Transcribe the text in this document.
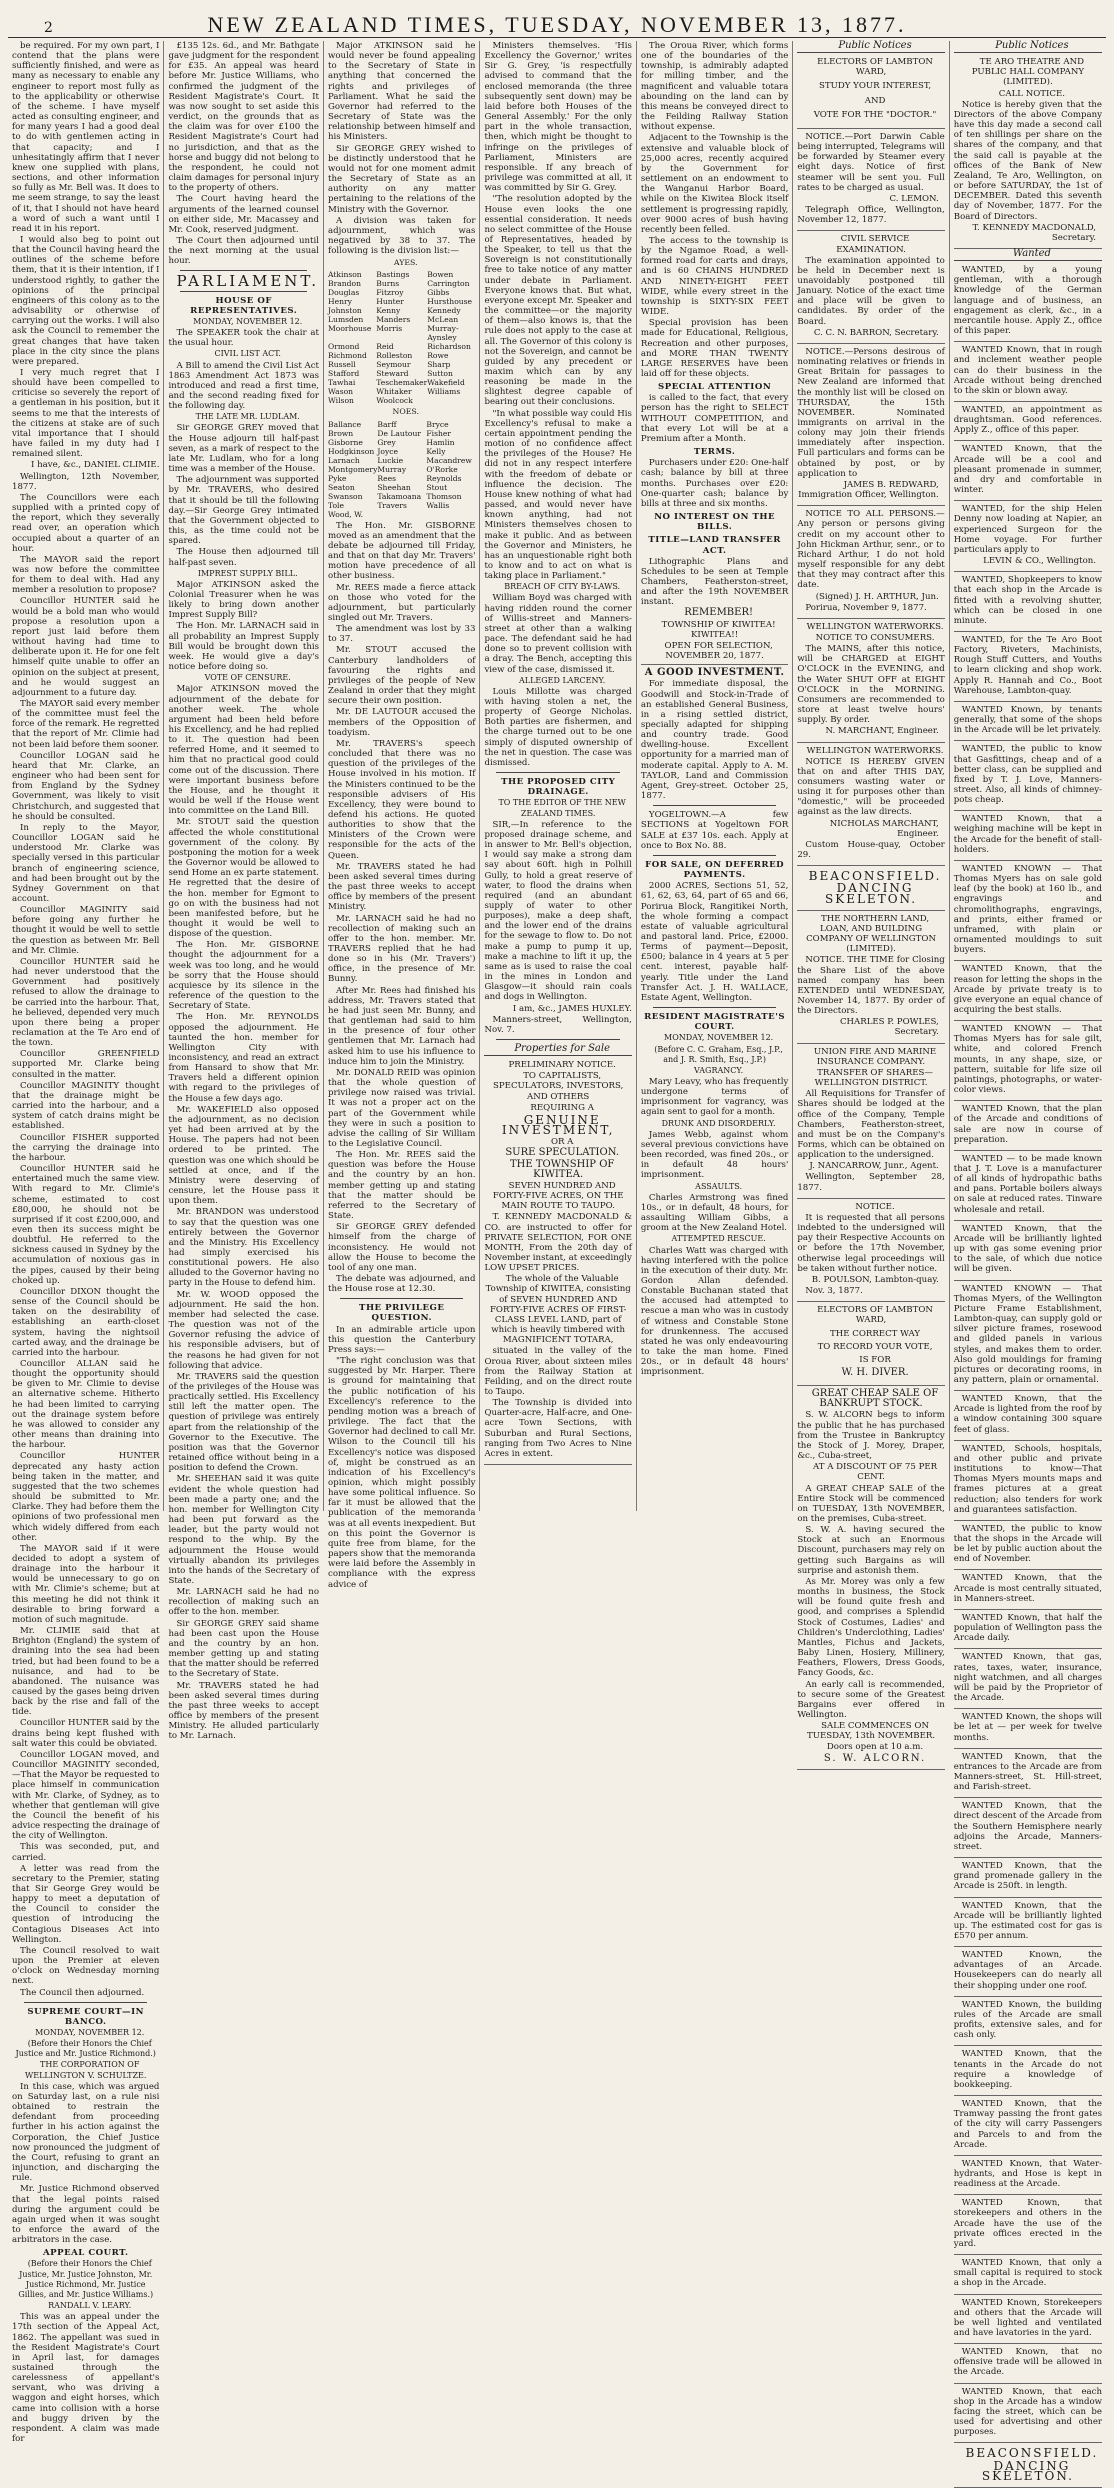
2	NEW ZEALAND TIMES, TUESDAY, NOVEMBER 13, 1877.

be required. For my own part, I contend that the plans were sufficiently finished, and were as many as necessary to enable any engineer to report most fully as to the applicability or otherwise of the scheme. I have myself acted as consulting engineer, and for many years I had a good deal to do with gentlemen acting in that capacity; and I unhesitatingly affirm that I never knew one supplied with plans, sections, and other information so fully as Mr. Bell was. It does to me seem strange, to say the least of it, that I should not have heard a word of such a want until I read it in his report.

I would also beg to point out that the Council having heard the outlines of the scheme before them, that it is their intention, if I understood rightly, to gather the opinions of the principal engineers of this colony as to the advisability or otherwise of carrying out the works. I will also ask the Council to remember the great changes that have taken place in the city since the plans were prepared.

I very much regret that I should have been compelled to criticise so severely the report of a gentleman in his position, but it seems to me that the interests of the citizens at stake are of such vital importance that I should have failed in my duty had I remained silent.

I have, &c., DANIEL CLIMIE.

Wellington, 12th November, 1877.

The Councillors were each supplied with a printed copy of the report, which they severally read over, an operation which occupied about a quarter of an hour.

The MAYOR said the report was now before the committee for them to deal with. Had any member a resolution to propose?

Councillor HUNTER said he would be a bold man who would propose a resolution upon a report just laid before them without having had time to deliberate upon it. He for one felt himself quite unable to offer an opinion on the subject at present, and he would suggest an adjournment to a future day.

The MAYOR said every member of the committee must feel the force of the remark. He regretted that the report of Mr. Climie had not been laid before them sooner.

Councillor LOGAN said he heard that Mr. Clarke, an engineer who had been sent for from England by the Sydney Government, was likely to visit Christchurch, and suggested that he should be consulted.

In reply to the Mayor, Councillor LOGAN said he understood Mr. Clarke was specially versed in this particular branch of engineering science, and had been brought out by the Sydney Government on that account.

Councillor MAGINITY said before going any further he thought it would be well to settle the question as between Mr. Bell and Mr. Climie.

Councillor HUNTER said he had never understood that the Government had positively refused to allow the drainage to be carried into the harbour. That, he believed, depended very much upon there being a proper reclamation at the Te Aro end of the town.

Councillor GREENFIELD supported Mr. Clarke being consulted in the matter.

Councillor MAGINITY thought that the drainage might be carried into the harbour, and a system of catch drains might be established.

Councillor FISHER supported the carrying the drainage into the harbour.

Councillor HUNTER said he entertained much the same view. With regard to Mr. Climie's scheme, estimated to cost £80,000, he should not be surprised if it cost £200,000, and even then its success might be doubtful. He referred to the sickness caused in Sydney by the accumulation of noxious gas in the pipes, caused by their being choked up.

Councillor DIXON thought the sense of the Council should be taken on the desirability of establishing an earth-closet system, having the nightsoil carted away, and the drainage be carried into the harbour.

Councillor ALLAN said he thought the opportunity should be given to Mr. Climie to devise an alternative scheme. Hitherto he had been limited to carrying out the drainage system before he was allowed to consider any other means than draining into the harbour.

Councillor HUNTER deprecated any hasty action being taken in the matter, and suggested that the two schemes should be submitted to Mr. Clarke. They had before them the opinions of two professional men which widely differed from each other.

The MAYOR said if it were decided to adopt a system of drainage into the harbour it would be unnecessary to go on with Mr. Climie's scheme; but at this meeting he did not think it desirable to bring forward a motion of such magnitude.

Mr. CLIMIE said that at Brighton (England) the system of draining into the sea had been tried, but had been found to be a nuisance, and had to be abandoned. The nuisance was caused by the gases being driven back by the rise and fall of the tide.

Councillor HUNTER said by the drains being kept flushed with salt water this could be obviated.

Councillor LOGAN moved, and Councillor MAGINITY seconded,—That the Mayor be requested to place himself in communication with Mr. Clarke, of Sydney, as to whether that gentleman will give the Council the benefit of his advice respecting the drainage of the city of Wellington.

This was seconded, put, and carried.

A letter was read from the secretary to the Premier, stating that Sir George Grey would be happy to meet a deputation of the Council to consider the question of introducing the Contagious Diseases Act into Wellington.

The Council resolved to wait upon the Premier at eleven o'clock on Wednesday morning next.

The Council then adjourned.

SUPREME COURT—IN BANCO.

MONDAY, NOVEMBER 12.

(Before their Honors the Chief Justice and Mr. Justice Richmond.)

THE CORPORATION OF WELLINGTON V. SCHULTZE.

In this case, which was argued on Saturday last, on a rule nisi obtained to restrain the defendant from proceeding further in his action against the Corporation, the Chief Justice now pronounced the judgment of the Court, refusing to grant an injunction, and discharging the rule.

Mr. Justice Richmond observed that the legal points raised during the argument could be again urged when it was sought to enforce the award of the arbitrators in the case.

APPEAL COURT.

(Before their Honors the Chief Justice, Mr. Justice Johnston, Mr. Justice Richmond, Mr. Justice Gillies, and Mr. Justice Williams.)

RANDALL V. LEARY.

This was an appeal under the 17th section of the Appeal Act, 1862. The appellant was sued in the Resident Magistrate's Court in April last, for damages sustained through the carelessness of appellant's servant, who was driving a waggon and eight horses, which came into collision with a horse and buggy driven by the respondent. A claim was made for

£135 12s. 6d., and Mr. Bathgate gave judgment for the respondent for £35. An appeal was heard before Mr. Justice Williams, who confirmed the judgment of the Resident Magistrate's Court. It was now sought to set aside this verdict, on the grounds that as the claim was for over £100 the Resident Magistrate's Court had no jurisdiction, and that as the horse and buggy did not belong to the respondent, he could not claim damages for personal injury to the property of others.

The Court having heard the arguments of the learned counsel on either side, Mr. Macassey and Mr. Cook, reserved judgment.

The Court then adjourned until the next morning at the usual hour.

PARLIAMENT.

HOUSE OF REPRESENTATIVES.

MONDAY, NOVEMBER 12.

The SPEAKER took the chair at the usual hour.

CIVIL LIST ACT.

A Bill to amend the Civil List Act 1863 Amendment Act 1873 was introduced and read a first time, and the second reading fixed for the following day.

THE LATE MR. LUDLAM.

Sir GEORGE GREY moved that the House adjourn till half-past seven, as a mark of respect to the late Mr. Ludlam, who for a long time was a member of the House.

The adjournment was supported by Mr. TRAVERS, who desired that it should be till the following day.—Sir George Grey intimated that the Government objected to this, as the time could not be spared.

The House then adjourned till half-past seven.

IMPREST SUPPLY BILL.

Major ATKINSON asked the Colonial Treasurer when he was likely to bring down another Imprest Supply Bill?

The Hon. Mr. LARNACH said in all probability an Imprest Supply Bill would be brought down this week. He would give a day's notice before doing so.

VOTE OF CENSURE.

Major ATKINSON moved the adjournment of the debate for another week. The whole argument had been held before his Excellency, and he had replied to it. The question had been referred Home, and it seemed to him that no practical good could come out of the discussion. There were important business before the House, and he thought it would be well if the House went into committee on the Land Bill.

Mr. STOUT said the question affected the whole constitutional government of the colony. By postponing the motion for a week the Governor would be allowed to send Home an ex parte statement. He regretted that the desire of the hon. member for Egmont to go on with the business had not been manifested before, but he thought it would be well to dispose of the question.

The Hon. Mr. GISBORNE thought the adjournment for a week was too long, and he would be sorry that the House should acquiesce by its silence in the reference of the question to the Secretary of State.

The Hon. Mr. REYNOLDS opposed the adjournment. He taunted the hon. member for Wellington City with inconsistency, and read an extract from Hansard to show that Mr. Travers held a different opinion with regard to the privileges of the House a few days ago.

Mr. WAKEFIELD also opposed the adjournment, as no decision yet had been arrived at by the House. The papers had not been ordered to be printed. The question was one which should be settled at once, and if the Ministry were deserving of censure, let the House pass it upon them.

Mr. BRANDON was understood to say that the question was one entirely between the Governor and the Ministry. His Excellency had simply exercised his constitutional powers. He also alluded to the Governor having no party in the House to defend him.

Mr. W. WOOD opposed the adjournment. He said the hon. member had selected the case. The question was not of the Governor refusing the advice of his responsible advisers, but of the reasons he had given for not following that advice.

Mr. TRAVERS said the question of the privileges of the House was practically settled. His Excellency still left the matter open. The question of privilege was entirely apart from the relationship of the Governor to the Executive. The position was that the Governor retained office without being in a position to defend the Crown.

Mr. SHEEHAN said it was quite evident the whole question had been made a party one; and the hon. member for Wellington City had been put forward as the leader, but the party would not respond to the whip. By the adjournment the House would virtually abandon its privileges into the hands of the Secretary of State.

Mr. LARNACH said he had no recollection of making such an offer to the hon. member.

Sir GEORGE GREY said shame had been cast upon the House and the country by an hon. member getting up and stating that the matter should be referred to the Secretary of State.

Mr. TRAVERS stated he had been asked several times during the past three weeks to accept office by members of the present Ministry. He alluded particularly to Mr. Larnach.

Major ATKINSON said he would never be found appealing to the Secretary of State in anything that concerned the rights and privileges of Parliament. What he said the Governor had referred to the Secretary of State was the relationship between himself and his Ministers.

Sir GEORGE GREY wished to be distinctly understood that he would not for one moment admit the Secretary of State as an authority on any matter pertaining to the relations of the Ministry with the Governor.

A division was taken for adjournment, which was negatived by 38 to 37. The following is the division list:—

AYES.

Atkinson	Bastings	Bowen
Brandon	Burns	Carrington
Douglas	Fitzroy	Gibbs
Henry	Hunter	Hursthouse
Johnston	Kenny	Kennedy
Lumsden	Manders	McLean
Moorhouse Morris	Murray-Aynsley
Ormond	Reid	Richardson
Richmond	Rolleston	Rowe
Russell	Seymour	Sharp
Stafford	Steward	Sutton
Tawhai	Teschemaker Wakefield
Wason	Whitaker	Williams
Wilson	Woolcock

NOES.

Ballance	Barff	Bryce
Brown	De Lautour Fisher
Gisborne	Grey	Hamlin
Hodgkinson Joyce	Kelly
Larnach	Luckie	Macandrew
Montgomery Murray	O'Rorke
Pyke	Rees	Reynolds
Seaton	Sheehan	Stout
Swanson	Takamoana Thomson
Tole	Travers	Wallis
Wood, W.

The Hon. Mr. GISBORNE moved as an amendment that the debate be adjourned till Friday, and that on that day Mr. Travers' motion have precedence of all other business.

Mr. REES made a fierce attack on those who voted for the adjournment, but particularly singled out Mr. Travers.

The amendment was lost by 33 to 37.

Mr. STOUT accused the Canterbury landholders of favouring the rights and privileges of the people of New Zealand in order that they might secure their own position.

Mr. DE LAUTOUR accused the members of the Opposition of toadyism.

Mr. TRAVERS's speech concluded that there was no question of the privileges of the House involved in his motion. If the Ministers continued to be the responsible advisers of His Excellency, they were bound to defend his actions. He quoted authorities to show that the Ministers of the Crown were responsible for the acts of the Queen.

Mr. TRAVERS stated he had been asked several times during the past three weeks to accept office by members of the present Ministry.

Mr. LARNACH said he had no recollection of making such an offer to the hon. member. Mr. TRAVERS replied that he had done so in his (Mr. Travers') office, in the presence of Mr. Bunny.

After Mr. Rees had finished his address, Mr. Travers stated that he had just seen Mr. Bunny, and that gentleman had said to him in the presence of four other gentlemen that Mr. Larnach had asked him to use his influence to induce him to join the Ministry.

Mr. DONALD REID was opinion that the whole question of privilege now raised was trivial. It was not a proper act on the part of the Government while they were in such a position to advise the calling of Sir William to the Legislative Council.

The Hon. Mr. REES said the question was before the House and the country by an hon. member getting up and stating that the matter should be referred to the Secretary of State.

Sir GEORGE GREY defended himself from the charge of inconsistency. He would not allow the House to become the tool of any one man.

The debate was adjourned, and the House rose at 12.30.

THE PRIVILEGE QUESTION.

In an admirable article upon this question the Canterbury Press says:—

"The right conclusion was that suggested by Mr. Harper. There is ground for maintaining that the public notification of his Excellency's reference to the pending motion was a breach of privilege. The fact that the Governor had declined to call Mr. Wilson to the Council till his Excellency's notice was disposed of, might be construed as an indication of his Excellency's opinion, which might possibly have some political influence. So far it must be allowed that the publication of the memoranda was at all events inexpedient. But on this point the Governor is quite free from blame, for the papers show that the memoranda were laid before the Assembly in compliance with the express advice of

Ministers themselves. 'His Excellency the Governor,' writes Sir G. Grey, 'is respectfully advised to command that the enclosed memoranda (the three subsequently sent down) may be laid before both Houses of the General Assembly.' For the only part in the whole transaction, then, which might be thought to infringe on the privileges of Parliament, Ministers are responsible. If any breach of privilege was committed at all, it was committed by Sir G. Grey.

"The resolution adopted by the House even looks the one essential consideration. It needs no select committee of the House of Representatives, headed by the Speaker, to tell us that the Sovereign is not constitutionally free to take notice of any matter under debate in Parliament. Everyone knows that. But what, everyone except Mr. Speaker and the committee—or the majority of them—also knows is, that the rule does not apply to the case at all. The Governor of this colony is not the Sovereign, and cannot be guided by any precedent or maxim which can by any reasoning be made in the slightest degree capable of bearing out their conclusions.

"In what possible way could His Excellency's refusal to make a certain appointment pending the motion of no confidence affect the privileges of the House? He did not in any respect interfere with the freedom of debate or influence the decision. The House knew nothing of what had passed, and would never have known anything, had not Ministers themselves chosen to make it public. And as between the Governor and Ministers, he has an unquestionable right both to know and to act on what is taking place in Parliament."

BREACH OF CITY BY-LAWS.

William Boyd was charged with having ridden round the corner of Willis-street and Manners-street at other than a walking pace. The defendant said he had done so to prevent collision with a dray. The Bench, accepting this view of the case, dismissed it.

ALLEGED LARCENY.

Louis Millotte was charged with having stolen a net, the property of George Nicholas. Both parties are fishermen, and the charge turned out to be one simply of disputed ownership of the net in question. The case was dismissed.

THE PROPOSED CITY DRAINAGE.

TO THE EDITOR OF THE NEW ZEALAND TIMES.

SIR,—In reference to the proposed drainage scheme, and in answer to Mr. Bell's objection, I would say make a strong dam say about 60ft. high in Polhill Gully, to hold a great reserve of water, to flood the drains when required (and an abundant supply of water to other purposes), make a deep shaft, and the lower end of the drains for the sewage to flow to. Do not make a pump to pump it up, make a machine to lift it up, the same as is used to raise the coal in the mines in London and Glasgow—it should rain coals and dogs in Wellington.

I am, &c., JAMES HUXLEY.

Manners-street, Wellington, Nov. 7.

Properties for Sale

PRELIMINARY NOTICE.

TO CAPITALISTS, SPECULATORS, INVESTORS, AND OTHERS

REQUIRING A

GENUINE INVESTMENT,

OR A

SURE SPECULATION.

THE TOWNSHIP OF KIWITEA.

SEVEN HUNDRED AND FORTY-FIVE ACRES, ON THE MAIN ROUTE TO TAUPO.

T. KENNEDY MACDONALD & CO. are instructed to offer for PRIVATE SELECTION, FOR ONE MONTH, From the 20th day of November instant, at exceedingly LOW UPSET PRICES.

The whole of the Valuable Township of KIWITEA, consisting of SEVEN HUNDRED AND FORTY-FIVE ACRES OF FIRST-CLASS LEVEL LAND, part of which is heavily timbered with MAGNIFICENT TOTARA,

situated in the valley of the Oroua River, about sixteen miles from the Railway Station at Feilding, and on the direct route to Taupo.

The Township is divided into Quarter-acre, Half-acre, and One-acre Town Sections, with Suburban and Rural Sections, ranging from Two Acres to Nine Acres in extent.

The Oroua River, which forms one of the boundaries of the township, is admirably adapted for milling timber, and the magnificent and valuable totara abounding on the land can by this means be conveyed direct to the Feilding Railway Station without expense.

Adjacent to the Township is the extensive and valuable block of 25,000 acres, recently acquired by the Government for settlement on an endowment to the Wanganui Harbor Board, while on the Kiwitea Block itself settlement is progressing rapidly, over 9000 acres of bush having recently been felled.

The access to the township is by the Ngamoe Road, a well-formed road for carts and drays, and is 60 CHAINS HUNDRED AND NINETY-EIGHT FEET WIDE, while every street in the township is SIXTY-SIX FEET WIDE.

Special provision has been made for Educational, Religious, Recreation and other purposes, and MORE THAN TWENTY LARGE RESERVES have been laid off for these objects.

SPECIAL ATTENTION

is called to the fact, that every person has the right to SELECT WITHOUT COMPETITION, and that every Lot will be at a Premium after a Month.

TERMS.

Purchasers under £20: One-half cash; balance by bill at three months. Purchases over £20: One-quarter cash; balance by bills at three and six months.

NO INTEREST ON THE BILLS.

TITLE—LAND TRANSFER ACT.

Lithographic Plans and Schedules to be seen at Temple Chambers, Featherston-street, and after the 19th NOVEMBER instant.

REMEMBER!

TOWNSHIP OF KIWITEA! KIWITEA!!

OPEN FOR SELECTION, NOVEMBER 20, 1877.

A GOOD INVESTMENT.

For immediate disposal, the Goodwill and Stock-in-Trade of an established General Business, in a rising settled district, specially adapted for shipping and country trade. Good dwelling-house. Excellent opportunity for a married man of moderate capital. Apply to A. M. TAYLOR, Land and Commission Agent, Grey-street. October 25, 1877.

YOGELTOWN.—A few SECTIONS at Yogeltown FOR SALE at £37 10s. each. Apply at once to Box No. 88.

FOR SALE, ON DEFERRED PAYMENTS.

2000 ACRES, Sections 51, 52, 61, 62, 63, 64, part of 65 and 66, Porirua Block, Rangitikei North, the whole forming a compact estate of valuable agricultural and pastoral land. Price, £2000. Terms of payment—Deposit, £500; balance in 4 years at 5 per cent. interest, payable half-yearly. Title under the Land Transfer Act. J. H. WALLACE, Estate Agent, Wellington.

RESIDENT MAGISTRATE'S COURT.

MONDAY, NOVEMBER 12.

(Before C. C. Graham, Esq., J.P., and J. R. Smith, Esq., J.P.)

VAGRANCY.

Mary Leavy, who has frequently undergone terms of imprisonment for vagrancy, was again sent to gaol for a month.

DRUNK AND DISORDERLY.

James Webb, against whom several previous convictions have been recorded, was fined 20s., or in default 48 hours' imprisonment.

ASSAULTS.

Charles Armstrong was fined 10s., or in default, 48 hours, for assaulting William Gibbs, a groom at the New Zealand Hotel.

ATTEMPTED RESCUE.

Charles Watt was charged with having interfered with the police in the execution of their duty. Mr. Gordon Allan defended. Constable Buchanan stated that the accused had attempted to rescue a man who was in custody of witness and Constable Stone for drunkenness. The accused stated he was only endeavouring to take the man home. Fined 20s., or in default 48 hours' imprisonment.

Public Notices

ELECTORS OF LAMBTON WARD,

STUDY YOUR INTEREST,

AND

VOTE FOR THE "DOCTOR."

NOTICE.—Port Darwin Cable being interrupted, Telegrams will be forwarded by Steamer every eight days. Notice of first steamer will be sent you. Full rates to be charged as usual.

C. LEMON.

Telegraph Office, Wellington, November 12, 1877.

CIVIL SERVICE EXAMINATION.

The examination appointed to be held in December next is unavoidably postponed till January. Notice of the exact time and place will be given to candidates. By order of the Board.

C. C. N. BARRON, Secretary.

NOTICE.—Persons desirous of nominating relatives or friends in Great Britain for passages to New Zealand are informed that the monthly list will be closed on THURSDAY, the 15th NOVEMBER. Nominated immigrants on arrival in the colony may join their friends immediately after inspection. Full particulars and forms can be obtained by post, or by application to

JAMES B. REDWARD, Immigration Officer, Wellington.

NOTICE TO ALL PERSONS.—Any person or persons giving credit on my account other to John Hickman Arthur, senr., or to Richard Arthur, I do not hold myself responsible for any debt that they may contract after this date.

(Signed) J. H. ARTHUR, Jun.

Porirua, November 9, 1877.

WELLINGTON WATERWORKS.

NOTICE TO CONSUMERS.

The MAINS, after this notice, will be CHARGED at EIGHT O'CLOCK in the EVENING, and the Water SHUT OFF at EIGHT O'CLOCK in the MORNING. Consumers are recommended to store at least twelve hours' supply. By order.

N. MARCHANT, Engineer.

WELLINGTON WATERWORKS.

NOTICE IS HEREBY GIVEN that on and after THIS DAY, consumers wasting water or using it for purposes other than "domestic," will be proceeded against as the law directs.

NICHOLAS MARCHANT, Engineer.

Custom House-quay, October 29.

BEACONSFIELD.

DANCING SKELETON.

THE NORTHERN LAND, LOAN, AND BUILDING COMPANY OF WELLINGTON (LIMITED).

NOTICE. THE TIME for Closing the Share List of the above named company has been EXTENDED until WEDNESDAY, November 14, 1877. By order of the Directors.

CHARLES P. POWLES, Secretary.

UNION FIRE AND MARINE INSURANCE COMPANY.

TRANSFER OF SHARES—WELLINGTON DISTRICT.

All Requisitions for Transfer of Shares should be lodged at the office of the Company, Temple Chambers, Featherston-street, and must be on the Company's Forms, which can be obtained on application to the undersigned.

J. NANCARROW, Junr., Agent.

Wellington, September 28, 1877.

NOTICE.

It is requested that all persons indebted to the undersigned will pay their Respective Accounts on or before the 17th November, otherwise legal proceedings will be taken without further notice.

B. POULSON, Lambton-quay.

Nov. 3, 1877.

ELECTORS OF LAMBTON WARD,

THE CORRECT WAY

TO RECORD YOUR VOTE,

IS FOR

W. H. DIVER.

GREAT CHEAP SALE OF BANKRUPT STOCK.

S. W. ALCORN begs to inform the public that he has purchased from the Trustee in Bankruptcy the Stock of J. Morey, Draper, &c., Cuba-street,

AT A DISCOUNT OF 75 PER CENT.

A GREAT CHEAP SALE of the Entire Stock will be commenced on TUESDAY, 13th NOVEMBER, on the premises, Cuba-street.

S. W. A. having secured the Stock at such an Enormous Discount, purchasers may rely on getting such Bargains as will surprise and astonish them.

As Mr. Morey was only a few months in business, the Stock will be found quite fresh and good, and comprises a Splendid Stock of Costumes, Ladies' and Children's Underclothing, Ladies' Mantles, Fichus and Jackets, Baby Linen, Hosiery, Millinery, Feathers, Flowers, Dress Goods, Fancy Goods, &c.

An early call is recommended, to secure some of the Greatest Bargains ever offered in Wellington.

SALE COMMENCES ON TUESDAY, 13th NOVEMBER.

Doors open at 10 a.m.

S. W. ALCORN.

Public Notices

TE ARO THEATRE AND PUBLIC HALL COMPANY (LIMITED).

CALL NOTICE.

Notice is hereby given that the Directors of the above Company have this day made a second call of ten shillings per share on the shares of the company, and that the said call is payable at the offices of the Bank of New Zealand, Te Aro, Wellington, on or before SATURDAY, the 1st of DECEMBER. Dated this seventh day of November, 1877. For the Board of Directors.

T. KENNEDY MACDONALD, Secretary.

Wanted

WANTED, by a young gentleman, with a thorough knowledge of the German language and of business, an engagement as clerk, &c., in a mercantile house. Apply Z., office of this paper.

WANTED Known, that in rough and inclement weather people can do their business in the Arcade without being drenched to the skin or blown away.

WANTED, an appointment as draughtsman. Good references. Apply Z., office of this paper.

WANTED Known, that the Arcade will be a cool and pleasant promenade in summer, and dry and comfortable in winter.

WANTED, for the ship Helen Denny now loading at Napier, an experienced Surgeon for the Home voyage. For further particulars apply to

LEVIN & CO., Wellington.

WANTED, Shopkeepers to know that each shop in the Arcade is fitted with a revolving shutter, which can be closed in one minute.

WANTED, for the Te Aro Boot Factory, Riveters, Machinists, Rough Stuff Cutters, and Youths to learn clicking and shop work. Apply R. Hannah and Co., Boot Warehouse, Lambton-quay.

WANTED Known, by tenants generally, that some of the shops in the Arcade will be let privately.

WANTED, the public to know that Gasfittings, cheap and of a better class, can be supplied and fixed by T. J. Love, Manners-street. Also, all kinds of chimney-pots cheap.

WANTED Known, that a weighing machine will be kept in the Arcade for the benefit of stall-holders.

WANTED KNOWN — That Thomas Myers has on sale gold leaf (by the book) at 160 lb., and engravings and chromolithographs, engravings, and prints, either framed or unframed, with plain or ornamented mouldings to suit buyers.

WANTED Known, that the reason for letting the shops in the Arcade by private treaty is to give everyone an equal chance of acquiring the best stalls.

WANTED KNOWN — That Thomas Myers has for sale gilt, white, and colored French mounts, in any shape, size, or pattern, suitable for life size oil paintings, photographs, or water-color views.

WANTED Known, that the plan of the Arcade and conditions of sale are now in course of preparation.

WANTED — to be made known that J. T. Love is a manufacturer of all kinds of hydropathic baths and pans. Portable boilers always on sale at reduced rates. Tinware wholesale and retail.

WANTED Known, that the Arcade will be brilliantly lighted up with gas some evening prior to the sale, of which due notice will be given.

WANTED KNOWN — That Thomas Myers, of the Wellington Picture Frame Establishment, Lambton-quay, can supply gold or silver picture frames, rosewood and gilded panels in various styles, and makes them to order. Also gold mouldings for framing pictures or decorating rooms, in any pattern, plain or ornamental.

WANTED Known, that the Arcade is lighted from the roof by a window containing 300 square feet of glass.

WANTED, Schools, hospitals, and other public and private institutions to know—That Thomas Myers mounts maps and frames pictures at a great reduction; also tenders for work and guarantees satisfaction.

WANTED, the public to know that the shops in the Arcade will be let by public auction about the end of November.

WANTED Known, that the Arcade is most centrally situated, in Manners-street.

WANTED Known, that half the population of Wellington pass the Arcade daily.

WANTED Known, that gas, rates, taxes, water, insurance, night watchmen, and all charges will be paid by the Proprietor of the Arcade.

WANTED Known, the shops will be let at — per week for twelve months.

WANTED Known, that the entrances to the Arcade are from Manners-street, St. Hill-street, and Farish-street.

WANTED Known, that the direct descent of the Arcade from the Southern Hemisphere nearly adjoins the Arcade, Manners-street.

WANTED Known, that the grand promenade gallery in the Arcade is 250ft. in length.

WANTED Known, that the Arcade will be brilliantly lighted up. The estimated cost for gas is £570 per annum.

WANTED Known, the advantages of an Arcade. Housekeepers can do nearly all their shopping under one roof.

WANTED Known, the building rules of the Arcade are small profits, extensive sales, and for cash only.

WANTED Known, that the tenants in the Arcade do not require a knowledge of bookkeeping.

WANTED Known, that the Tramway passing the front gates of the city will carry Passengers and Parcels to and from the Arcade.

WANTED Known, that Water-hydrants, and Hose is kept in readiness at the Arcade.

WANTED Known, that storekeepers and others in the Arcade have the use of the private offices erected in the yard.

WANTED Known, that only a small capital is required to stock a shop in the Arcade.

WANTED Known, Storekeepers and others that the Arcade will be well lighted and ventilated and have lavatories in the yard.

WANTED Known, that no offensive trade will be allowed in the Arcade.

WANTED Known, that each shop in the Arcade has a window facing the street, which can be used for advertising and other purposes.

BEACONSFIELD.

DANCING SKELETON.
